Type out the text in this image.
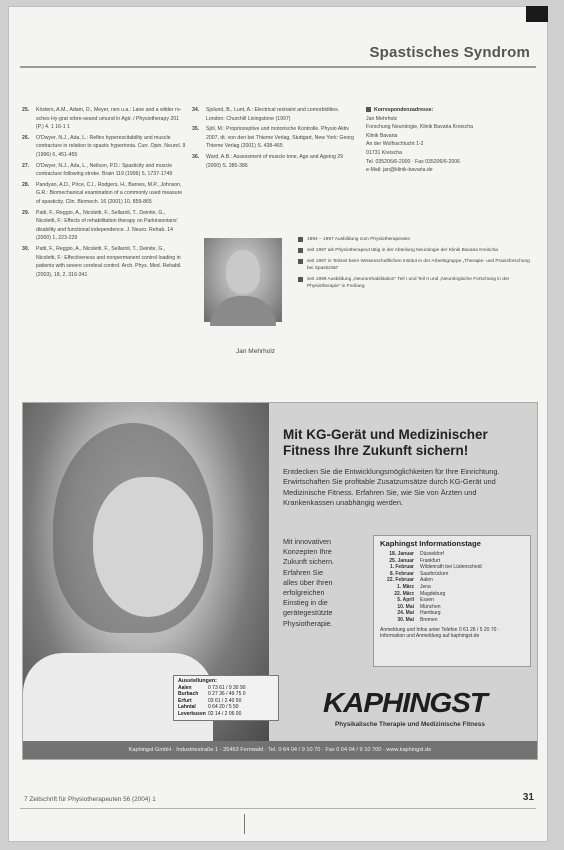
Spastisches Syndrom
25.	Kösters, A.M., Adam, D., Meyer, nen u.a.: Lane and a wilder ro-sches Hy-grat orbre-seand umund in Agir. / Physiotherapy 201 (P.) 4. 1 16-1 1
26.	O'Dwyer, N.J., Ada, L.: Reflex hyperexcitability and muscle contracture in relation to spastic hypertonia. Curr. Opin. Neurol. 9 (1996) 6, 451-455
27.	O'Dwyer, N.J., Ada, L., Neilson, P.D.: Spasticity and muscle contracture following stroke. Brain 119 (1996) 5, 1737-1749
28.	Pandyan, A.D., Price, C.I., Rodgers, H., Barnes, M.P., Johnson, G.R.: Biomechanical examination of a commonly used measure of spasticity. Clin. Biomech. 16 (2001) 10, 859-865
29.	Patti, F., Reggio, A., Nicoletti, F., Sellaroli, T., Deinite, G., Nicoletti, F.: Effects of rehabilitation therapy on Parkinsonians' disability and functional independence. J. Neuro. Rehab. 14 (2000) 1, 223-229
30.	Patti, F., Reggio, A., Nicoletti, F., Sellaroli, T., Deinite, G., Nicoletti, F.: Effectiveness and nonpermanent control loading in patients with severe cerebral control. Arch. Phys. Med. Rehabil. (2003), 18, 2, 316-341
34.	Sjolund, B., Lunt, A.: Electrical restraint and comorbidities. London: Churchill Livingstone (1997)
35.	Sjöl, M.: Propriozeptive und motorische Kontrolle. Physio Aktiv 2007, dt. von den bei Thieme Verlag, Stuttgart, New York: Georg Thieme Verlag (2001) S. 438-465
36.	Ward, A.B.: Assessment of muscle tone. Age and Ageing 29 (2000) S. 385-386
Korrespondenzadresse:
Jan Mehrholz
Forschung Neurologie, Klinik Bavaria Kreischa
Klinik Bavaria
An der Wolfsschlucht 1-2
01731 Kreischa
Tel. 035206/6-2000 · Fax 035206/6-2006
e-Mail: jan@klinik-bavaria.de
Jan Mehrholz
1994 – 1997 Ausbildung zum Physiotherapeuten
seit 1997 als Physiotherapeut tätig in der Abteilung Neurologie der Klinik Bavaria Kreischa
seit 1997 in Teilzeit beim Wissenschaftlichen Institut in der Arbeitsgruppe „Therapie- und Praxisforschung bei Spastizität“
seit 1999 Ausbildung „Neurorehabilitation“ Teil I und Teil II und „Neurologische Forschung in der Physiotherapie“ in Freiburg
Mit KG-Gerät und Medizinischer Fitness Ihre Zukunft sichern!
Entdecken Sie die Entwicklungsmöglichkeiten für Ihre Einrichtung. Erwirtschaften Sie profitable Zusatzumsätze durch KG-Gerät und Medizinische Fitness. Erfahren Sie, wie Sie von Ärzten und Krankenkassen unabhängig werden.
Mit innovativen
Konzepten Ihre
Zukunft sichern.
Erfahren Sie
alles über Ihren
erfolgreichen
Einstieg in die
gerätegestützte
Physiotherapie.
Kaphingst Informationstage
18. Januar Düsseldorf
25. Januar Frankfurt
1. Februar Wildenrath bei Lüdenscheid
8. Februar Saarbrücken
22. Februar Aalen
1. März Jena
22. März Magdeburg
5. April Essen
10. Mai München
24. Mai Hamburg
30. Mai Bremen
Anmeldung und Infos unter Telefon 0 61 26 / 5 20 70 · Information und Anmeldung auf kaphingst.de
Ausstellungen:
Aalen	0 73 61 / 9 30 90
Burbach	0 27 36 / 49 75 0
Erfurt	03 61 / 2 40 50
Lahntal	0 64 20 / 5 50
Leverkusen 02 14 / 2 06 00	KAPHINGST
Physikalische Therapie und Medizinische Fitness
Kaphingst GmbH · Industriestraße 1 · 35463 Fernwald · Tel. 0 64 04 / 9 10 70 · Fax 0 64 04 / 9 10 700 · www.kaphingst.de
7 Zeitschrift für Physiotherapeuten 56 (2004) 1	31
